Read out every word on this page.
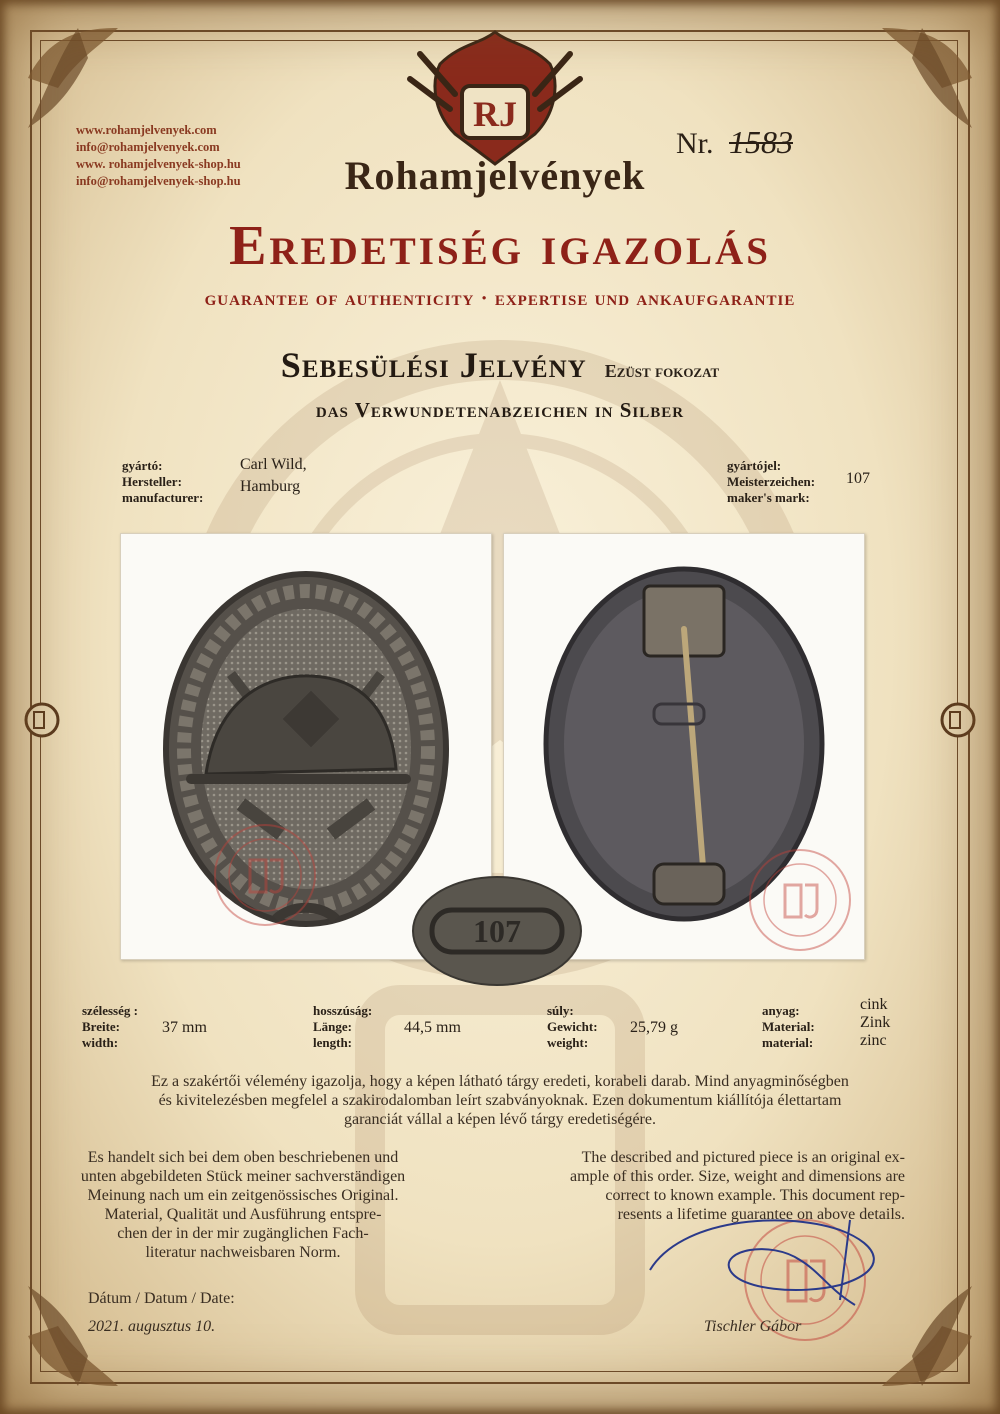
www.rohamjelvenyek.com
info@rohamjelvenyek.com
www. rohamjelvenyek-shop.hu
info@rohamjelvenyek-shop.hu
RJ
Rohamjelvények
Nr. 1583
Eredetiség igazolás
guarantee of authenticity · expertise und ankaufgarantie
Sebesülési Jelvény Ezüst fokozat
das Verwundetenabzeichen in Silber
gyártó:
Hersteller:
manufacturer:
Carl Wild,
Hamburg
gyártójel:
Meisterzeichen:
maker's mark:
107
107
szélesség :
Breite:
width:
37 mm
hosszúság:
Länge:
length:
44,5 mm
súly:
Gewicht:
weight:
25,79 g
anyag:
Material:
material:
cink
Zink
zinc
Ez a szakértői vélemény igazolja, hogy a képen látható tárgy eredeti, korabeli darab. Mind anyagminőségben
és kivitelezésben megfelel a szakirodalomban leírt szabványoknak. Ezen dokumentum kiállítója élettartam
garanciát vállal a képen lévő tárgy eredetiségére.
Es handelt sich bei dem oben beschriebenen und
unten abgebildeten Stück meiner sachverständigen
Meinung nach um ein zeitgenössisches Original.
Material, Qualität und Ausführung entspre-
chen der in der mir zugänglichen Fach-
literatur nachweisbaren Norm.
The described and pictured piece is an original ex-
ample of this order. Size, weight and dimensions are
correct to known example. This document rep-
resents a lifetime guarantee on above details.
Dátum / Datum / Date:
2021. augusztus 10.	Tischler Gábor
